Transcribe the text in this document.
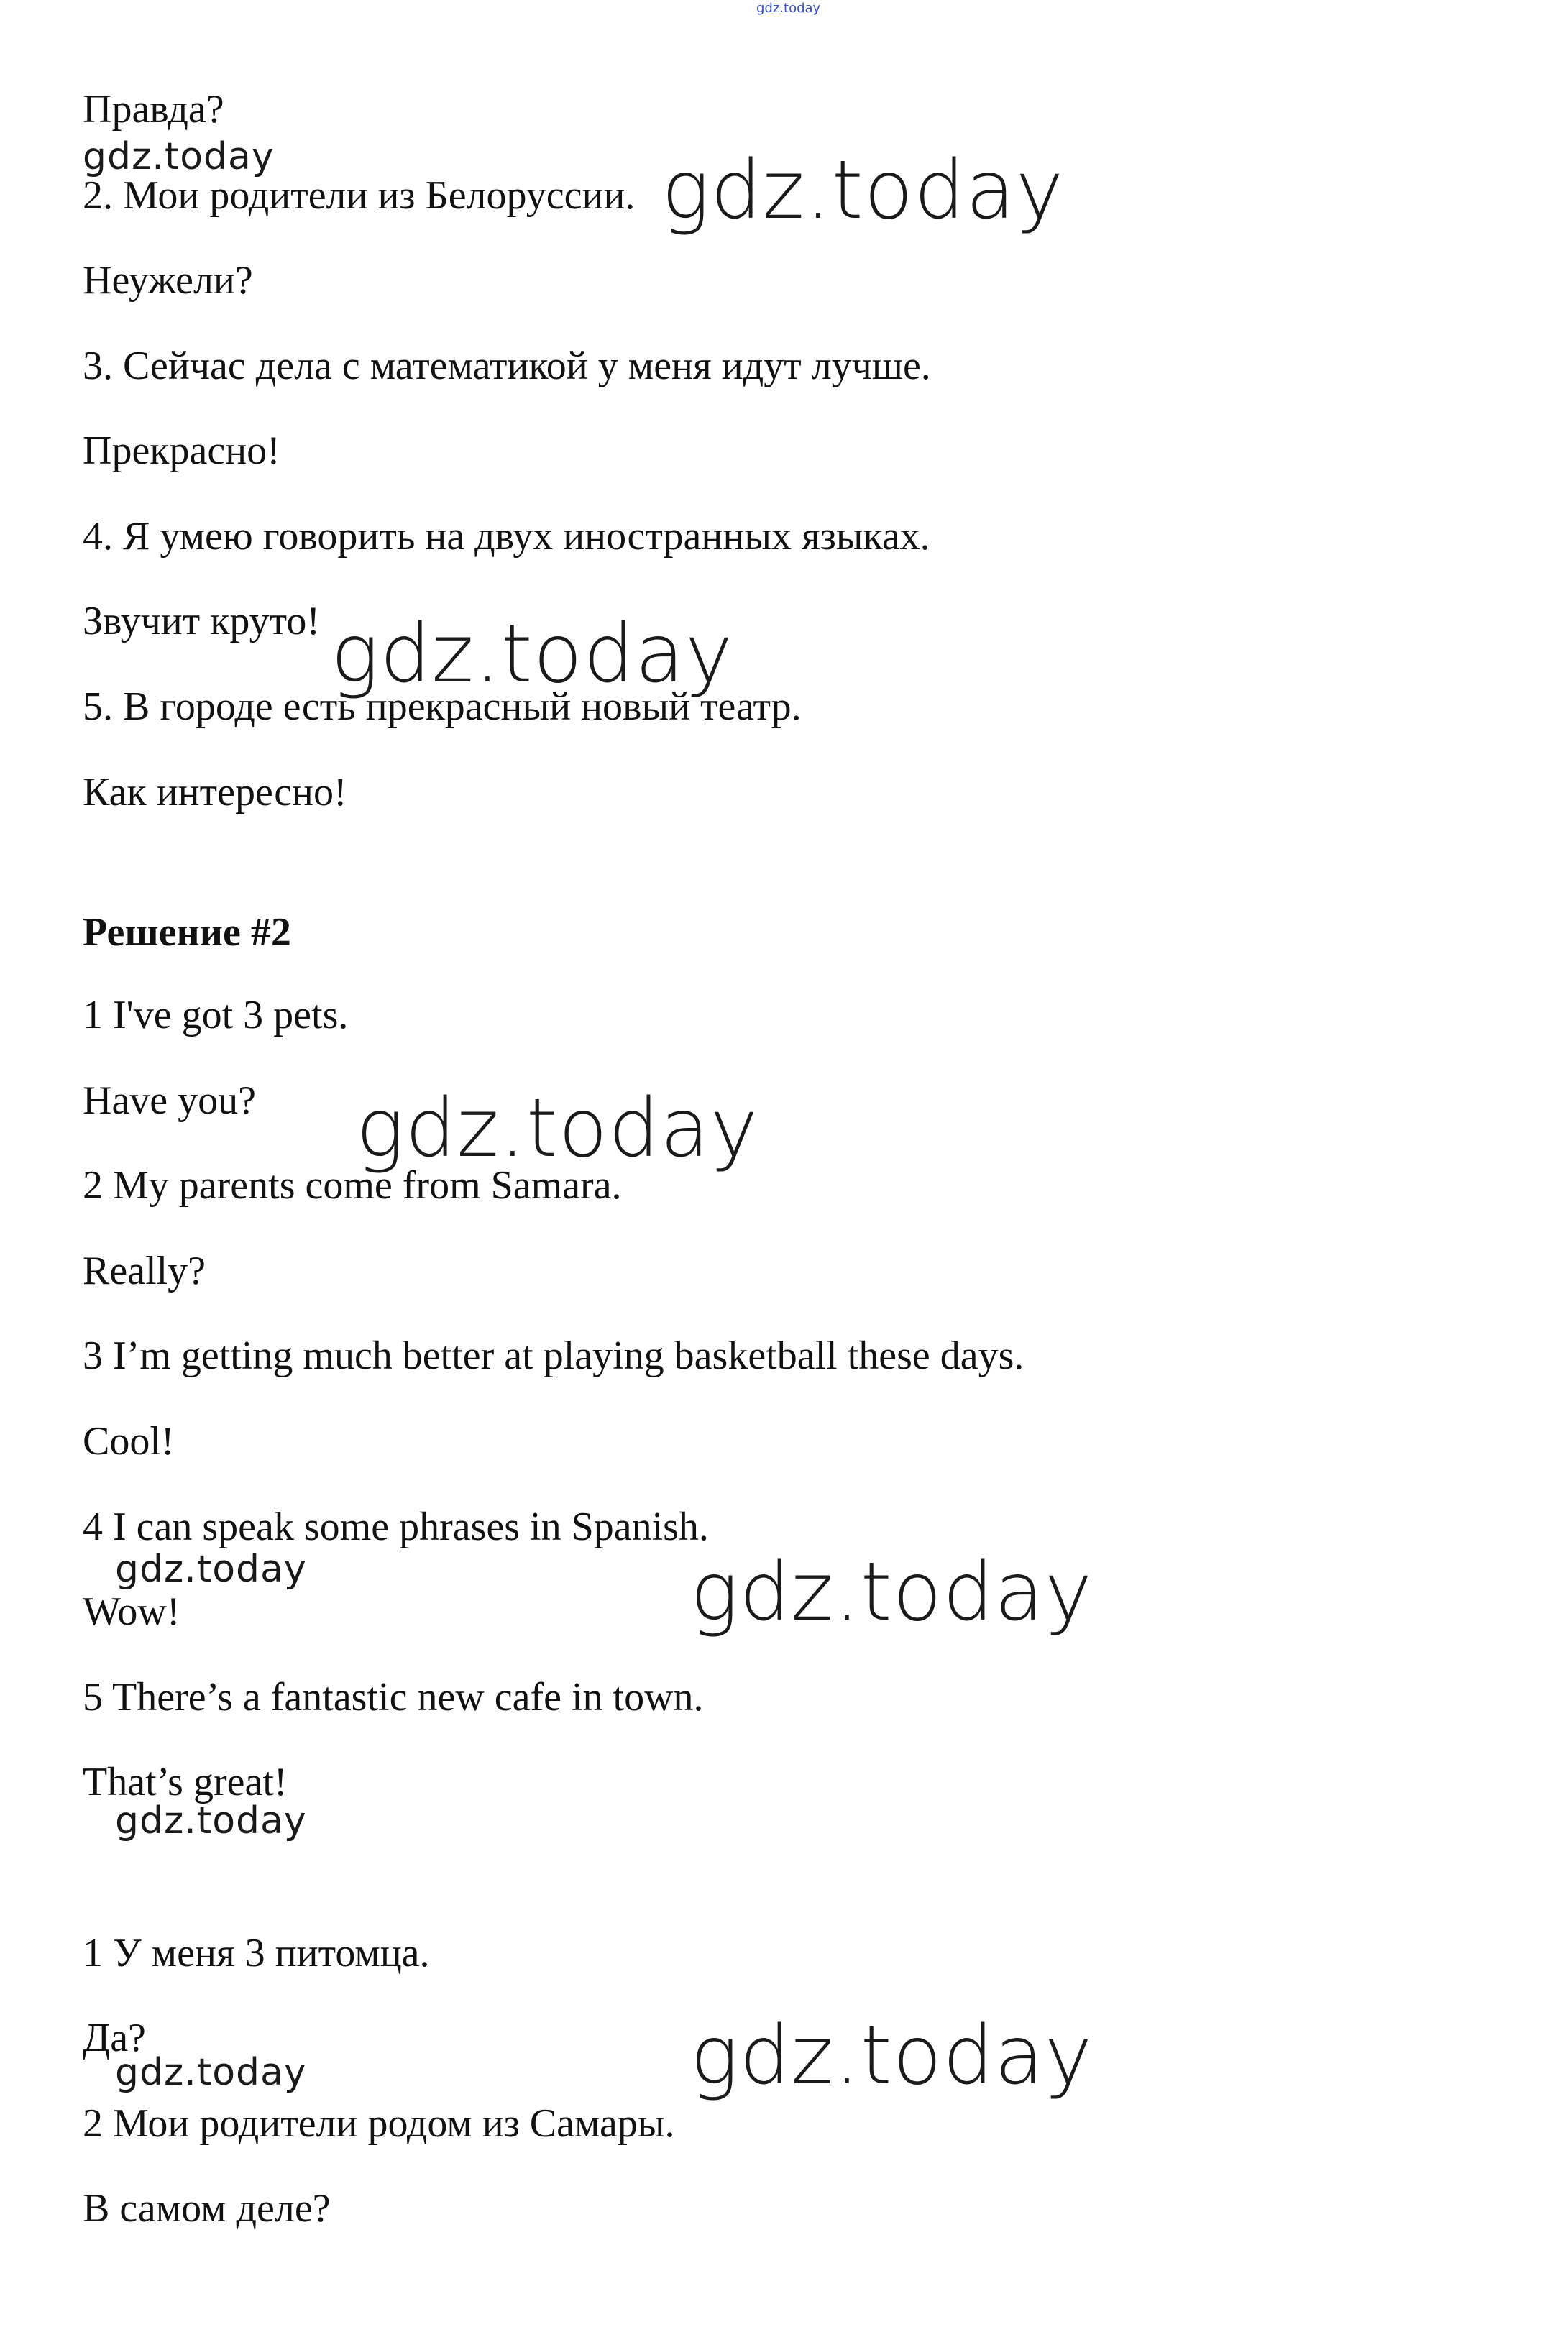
gdz.today
Правда?
2. Мои родители из Белоруссии.
Неужели?
3. Сейчас дела с математикой у меня идут лучше.
Прекрасно!
4. Я умею говорить на двух иностранных языках.
Звучит круто!
5. В городе есть прекрасный новый театр.
Как интересно!
Решение #2
1 I've got 3 pets.
Have you?
2 My parents come from Samara.
Really?
3 I’m getting much better at playing basketball these days.
Cool!
4 I can speak some phrases in Spanish.
Wow!
5 There’s a fantastic new cafe in town.
That’s great!
1 У меня 3 питомца.
Да?
2 Мои родители родом из Самары.
В самом деле?
gdz.today	gdz.today
gdz.today
gdz.today
gdz.today	gdz.today
gdz.today
gdz.today
gdz.today
